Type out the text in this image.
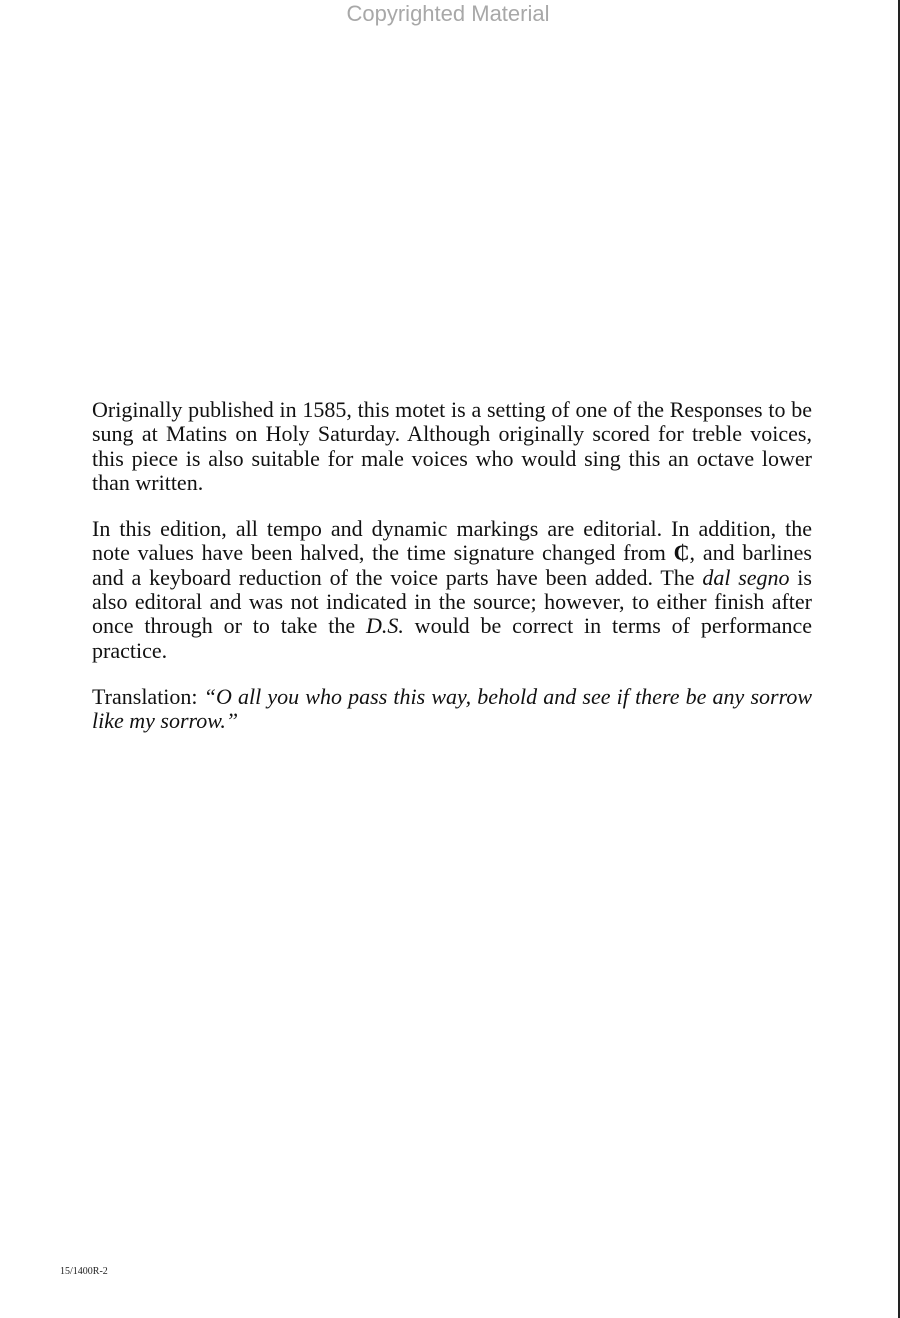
Copyrighted Material

Originally published in 1585, this motet is a setting of one of the Responses to be sung at Matins on Holy Saturday. Although originally scored for treble voices, this piece is also suitable for male voices who would sing this an octave lower than written.

In this edition, all tempo and dynamic markings are editorial. In addition, the note values have been halved, the time signature changed from ₵, and barlines and a keyboard reduction of the voice parts have been added. The dal segno is also editoral and was not indicated in the source; however, to either finish after once through or to take the D.S. would be correct in terms of performance practice.

Translation: “O all you who pass this way, behold and see if there be any sorrow like my sorrow.”

15/1400R-2
